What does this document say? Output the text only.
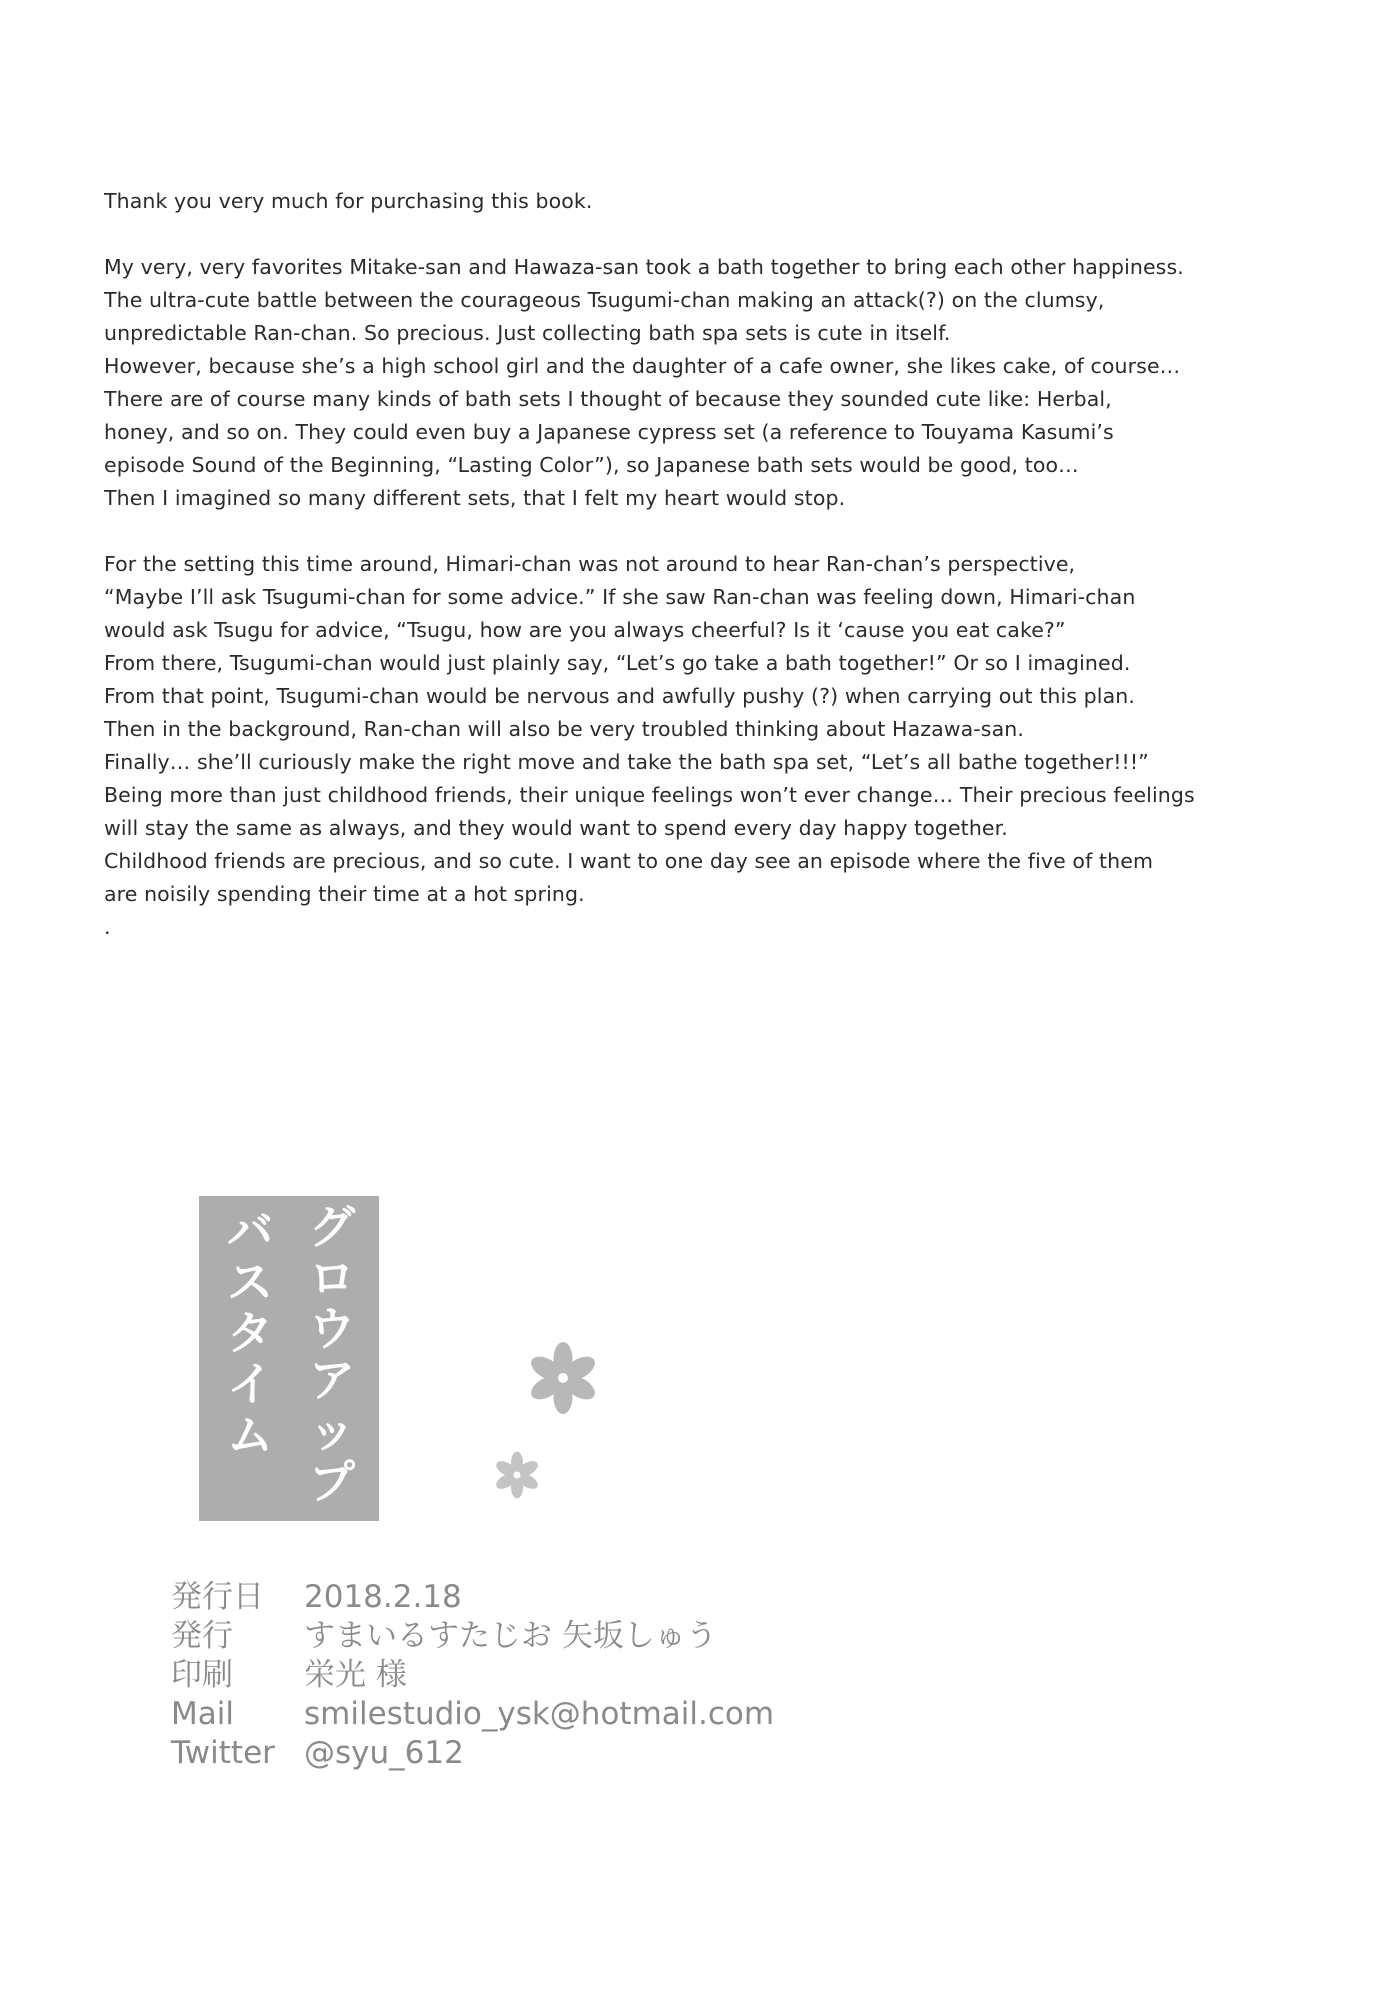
Thank you very much for purchasing this book.
My very, very favorites Mitake-san and Hawaza-san took a bath together to bring each other happiness.
The ultra-cute battle between the courageous Tsugumi-chan making an attack(?) on the clumsy,
unpredictable Ran-chan. So precious. Just collecting bath spa sets is cute in itself.
However, because she’s a high school girl and the daughter of a cafe owner, she likes cake, of course…
There are of course many kinds of bath sets I thought of because they sounded cute like: Herbal,
honey, and so on. They could even buy a Japanese cypress set (a reference to Touyama Kasumi’s
episode Sound of the Beginning, “Lasting Color”), so Japanese bath sets would be good, too…
Then I imagined so many different sets, that I felt my heart would stop.
For the setting this time around, Himari-chan was not around to hear Ran-chan’s perspective,
“Maybe I’ll ask Tsugumi-chan for some advice.” If she saw Ran-chan was feeling down, Himari-chan
would ask Tsugu for advice, “Tsugu, how are you always cheerful? Is it ‘cause you eat cake?”
From there, Tsugumi-chan would just plainly say, “Let’s go take a bath together!” Or so I imagined.
From that point, Tsugumi-chan would be nervous and awfully pushy (?) when carrying out this plan.
Then in the background, Ran-chan will also be very troubled thinking about Hazawa-san.
Finally… she’ll curiously make the right move and take the bath spa set, “Let’s all bathe together!!!”
Being more than just childhood friends, their unique feelings won’t ever change… Their precious feelings
will stay the same as always, and they would want to spend every day happy together.
Childhood friends are precious, and so cute. I want to one day see an episode where the five of them
are noisily spending their time at a hot spring.
.
グロウアップ
バスタイム
発行日	2018.2.18
発行	すまいるすたじお 矢坂しゅう
印刷	栄光 様
Mail	smilestudio_ysk@hotmail.com
Twitter @syu_612
